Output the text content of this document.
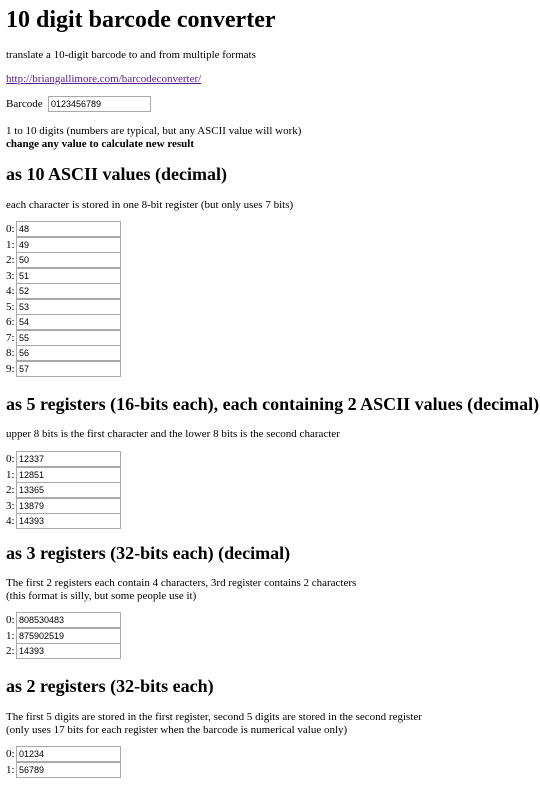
10 digit barcode converter

translate a 10-digit barcode to and from multiple formats

http://briangallimore.com/barcodeconverter/

Barcode
0123456789

1 to 10 digits (numbers are typical, but any ASCII value will work)

change any value to calculate new result

as 10 ASCII values (decimal)

each character is stored in one 8-bit register (but only uses 7 bits)

0:
48
1:
49
2:
50
3:
51
4:
52
5:
53
6:
54
7:
55
8:
56
9:
57
as 5 registers (16-bits each), each containing 2 ASCII values (decimal)

upper 8 bits is the first character and the lower 8 bits is the second character

0:
12337
1:
12851
2:
13365
3:
13879
4:
14393
as 3 registers (32-bits each) (decimal)

The first 2 registers each contain 4 characters, 3rd register contains 2 characters

(this format is silly, but some people use it)

0:
808530483
1:
875902519
2:
14393
as 2 registers (32-bits each)

The first 5 digits are stored in the first register, second 5 digits are stored in the second register

(only uses 17 bits for each register when the barcode is numerical value only)

0:
01234
1:
56789
